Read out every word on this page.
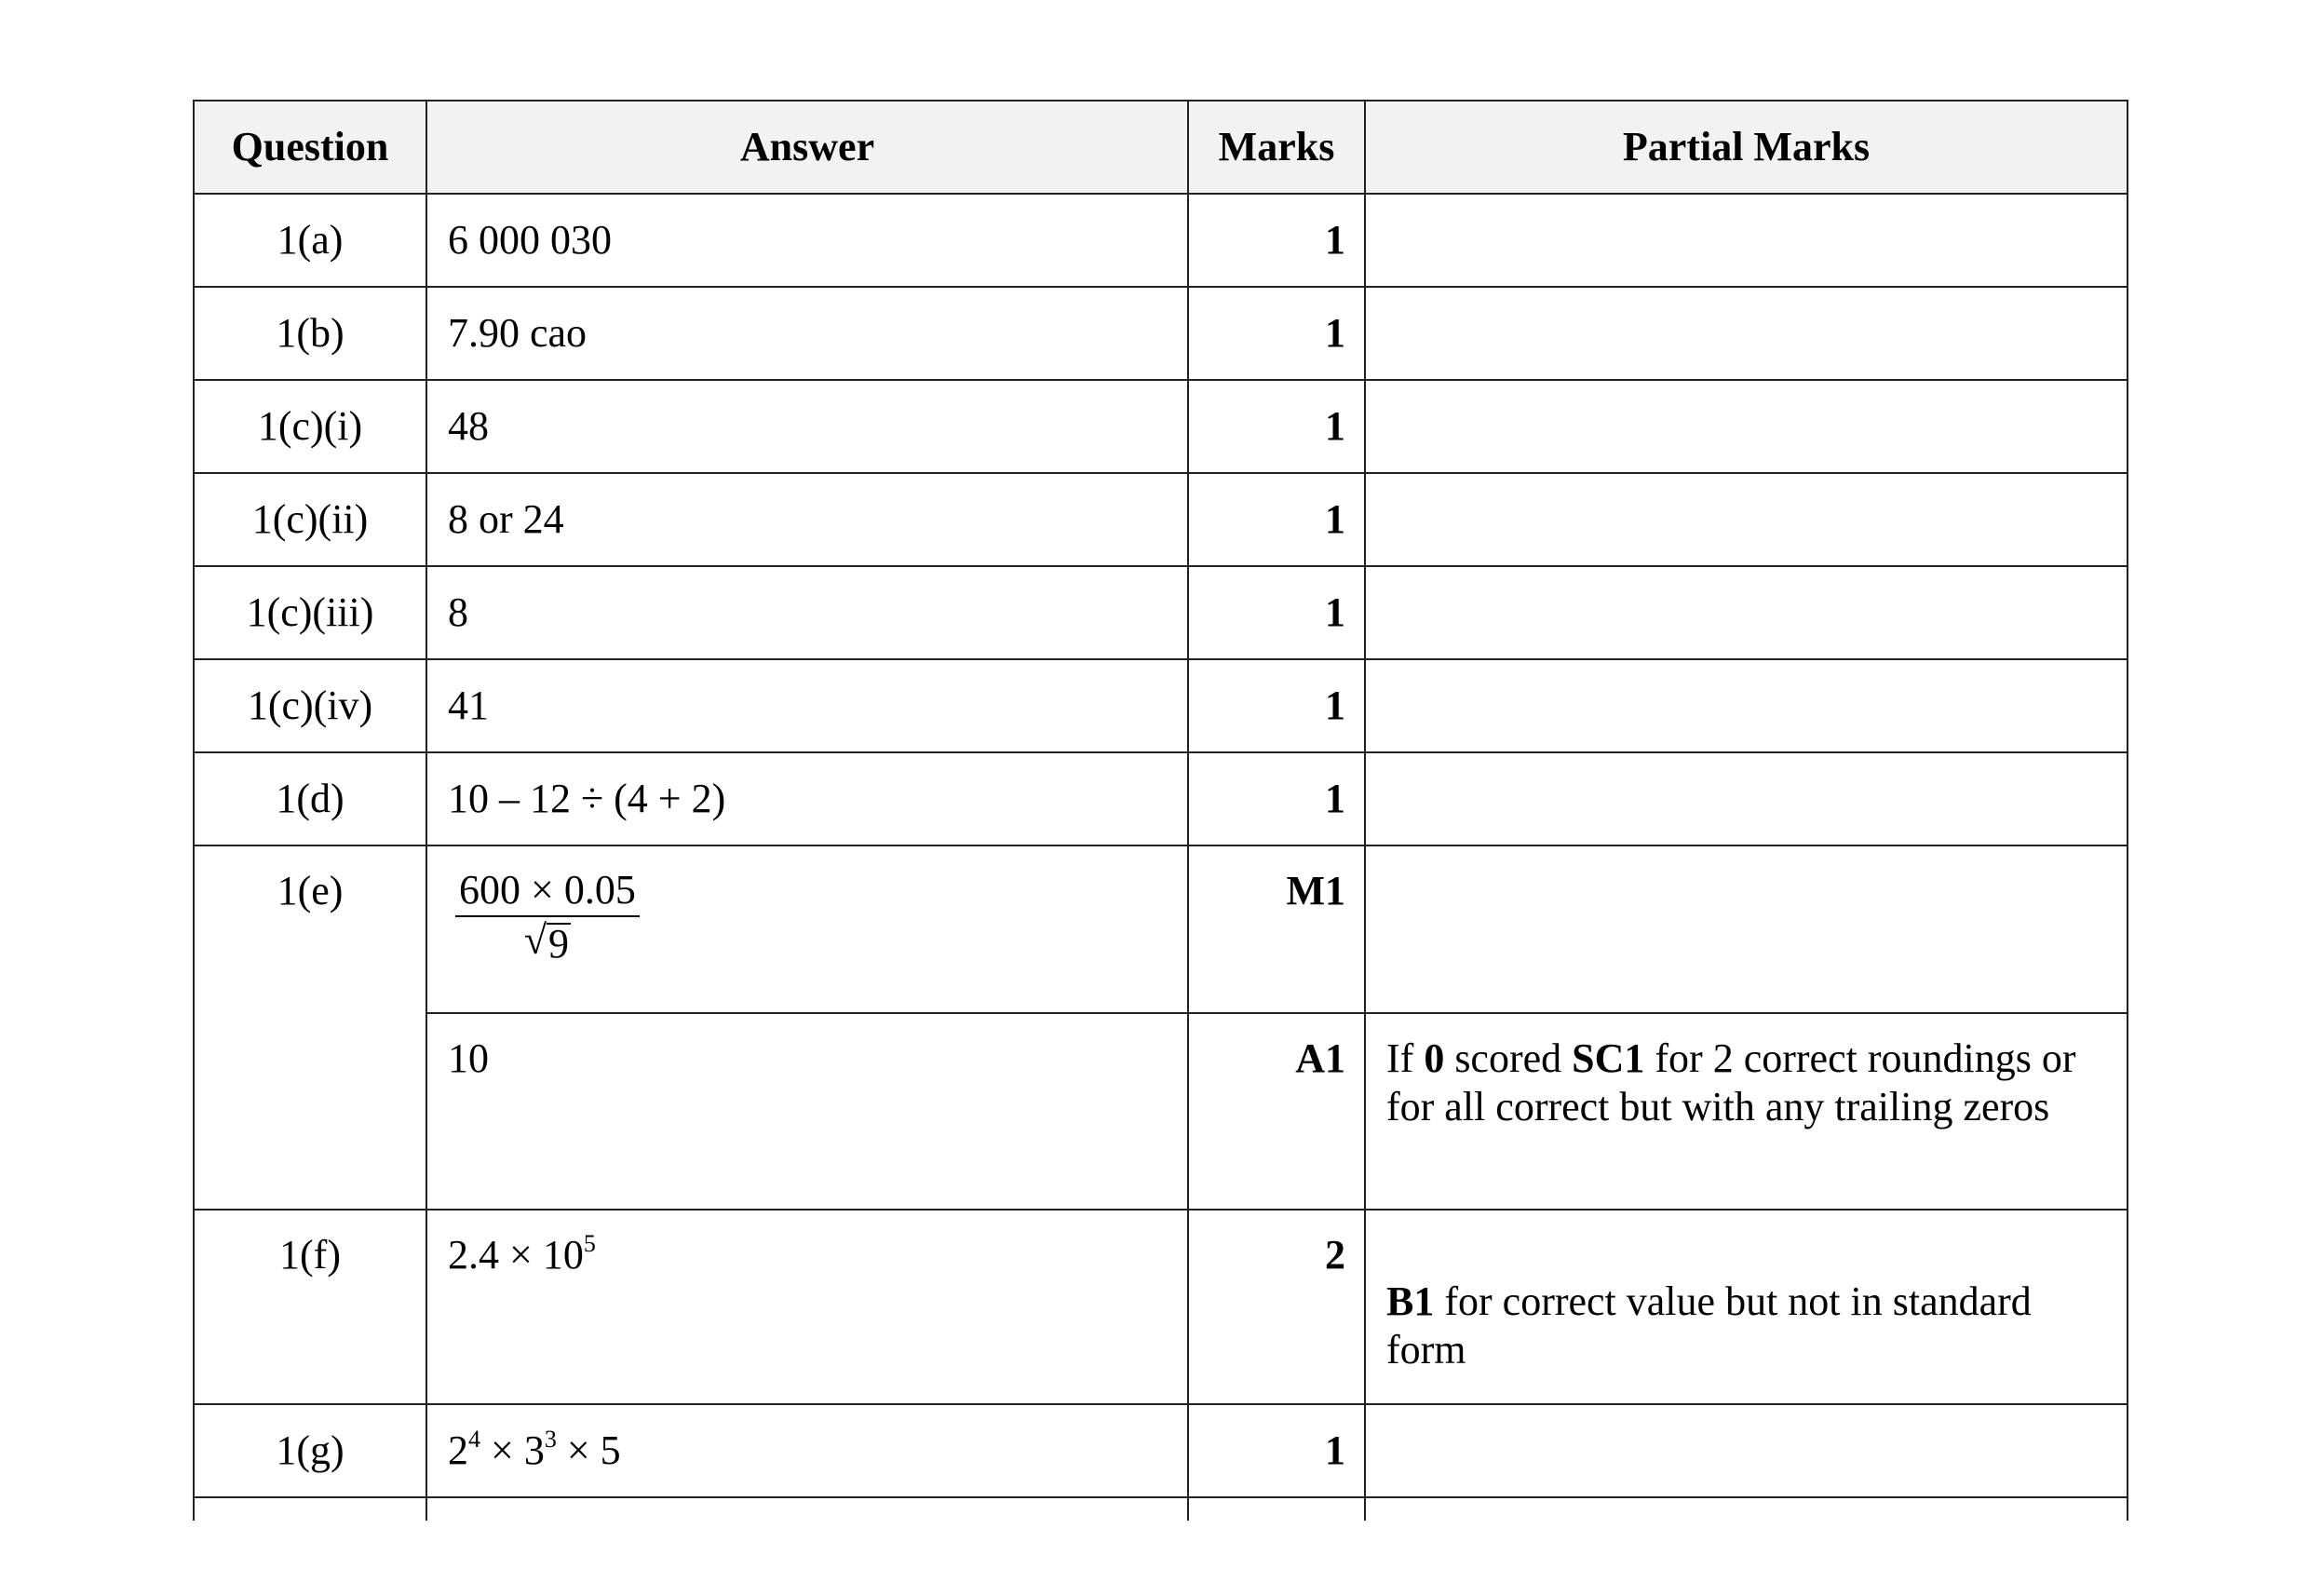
Question	Answer	Marks	Partial Marks
1(a)	6 000 030	1	
1(b)	7.90 cao	1	
1(c)(i)	48	1	
1(c)(ii)	8 or 24	1	
1(c)(iii)	8	1	
1(c)(iv)	41	1	
1(d)	10 – 12 ÷ (4 + 2)	1	
1(e)	$\frac{600 \times 0.05}{√ 9}$	M1	
	10	A1	If 0 scored SC1 for 2 correct roundings or for all correct but with any trailing zeros
1(f)	$2.4 \times 10^5$	2	B1 for correct value but not in standard form

1(g)	$2^4 \times 3^3 \times 5$	1	
